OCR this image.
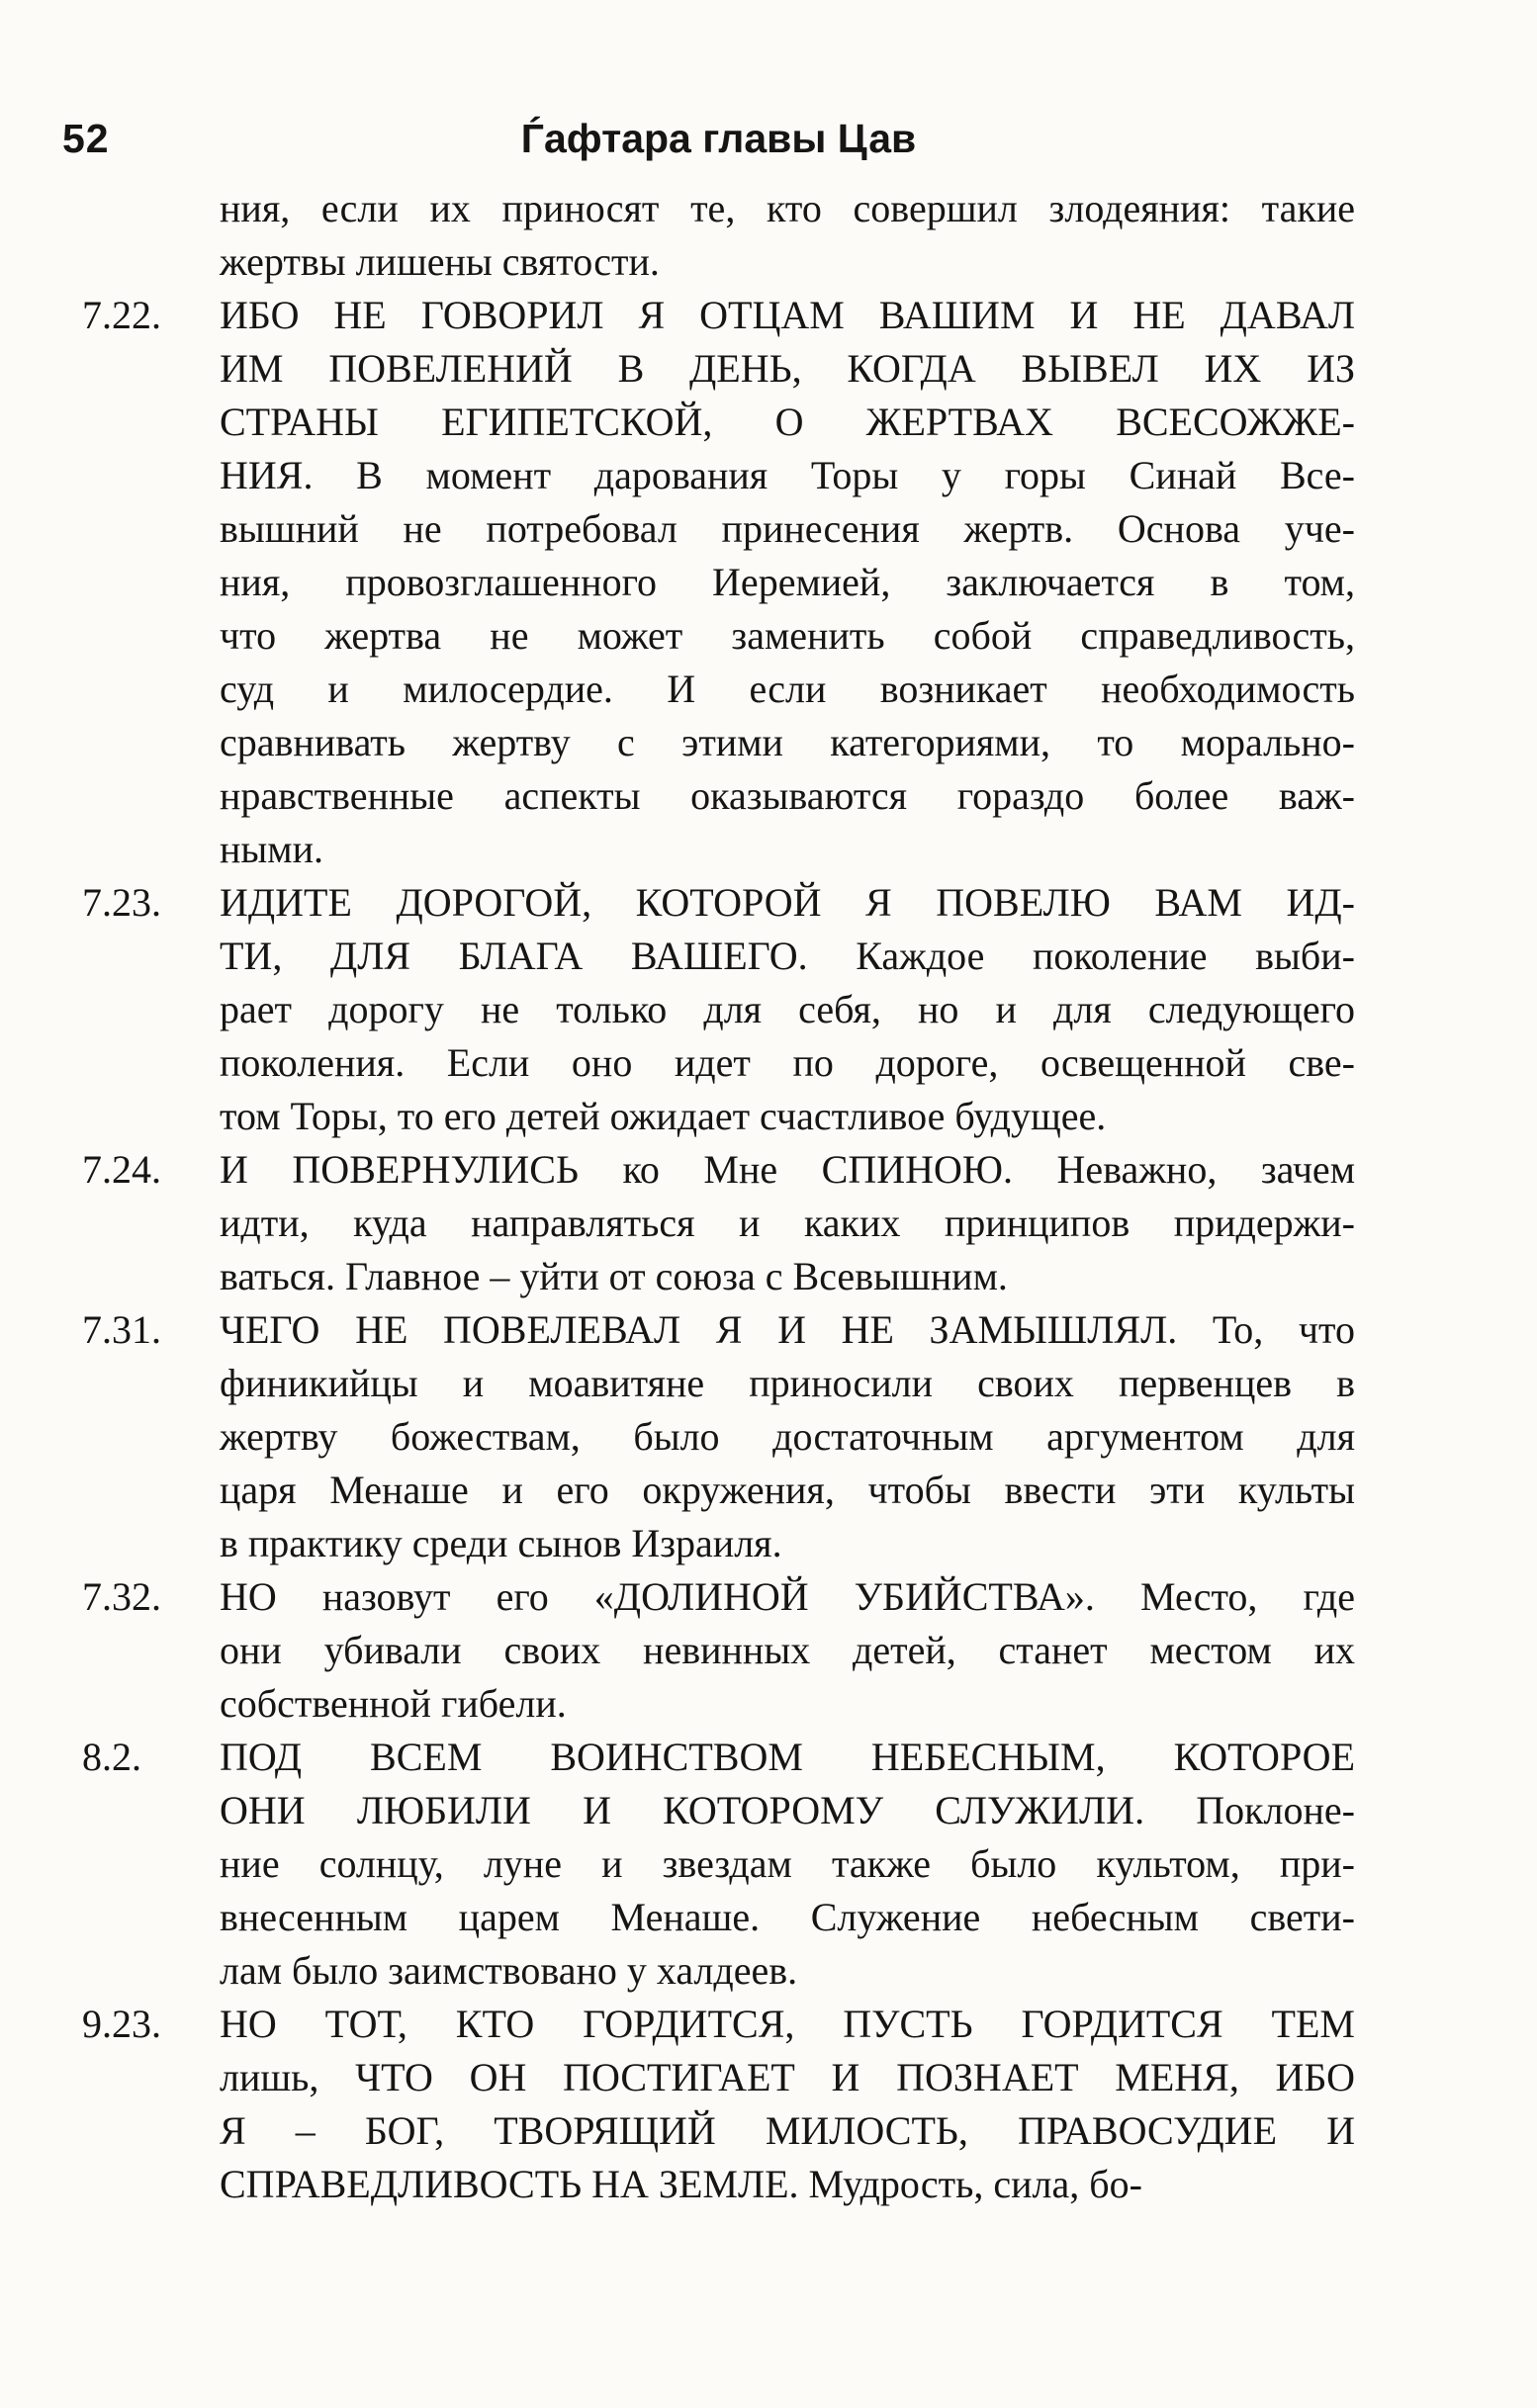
52	Ѓафтара главы Цав
ния, если их приносят те, кто совершил злодеяния: такие
жертвы лишены святости.
7.22.	ИБО НЕ ГОВОРИЛ Я ОТЦАМ ВАШИМ И НЕ ДАВАЛ
ИМ ПОВЕЛЕНИЙ В ДЕНЬ, КОГДА ВЫВЕЛ ИХ ИЗ
СТРАНЫ ЕГИПЕТСКОЙ, О ЖЕРТВАХ ВСЕСОЖЖЕ-
НИЯ. В момент дарования Торы у горы Синай Все-
вышний не потребовал принесения жертв. Основа уче-
ния, провозглашенного Иеремией, заключается в том,
что жертва не может заменить собой справедливость,
суд и милосердие. И если возникает необходимость
сравнивать жертву с этими категориями, то морально-
нравственные аспекты оказываются гораздо более важ-
ными.
7.23.	ИДИТЕ ДОРОГОЙ, КОТОРОЙ Я ПОВЕЛЮ ВАМ ИД-
ТИ, ДЛЯ БЛАГА ВАШЕГО. Каждое поколение выби-
рает дорогу не только для себя, но и для следующего
поколения. Если оно идет по дороге, освещенной све-
том Торы, то его детей ожидает счастливое будущее.
7.24.	И ПОВЕРНУЛИСЬ ко Мне СПИНОЮ. Неважно, зачем
идти, куда направляться и каких принципов придержи-
ваться. Главное – уйти от союза с Всевышним.
7.31.	ЧЕГО НЕ ПОВЕЛЕВАЛ Я И НЕ ЗАМЫШЛЯЛ. То, что
финикийцы и моавитяне приносили своих первенцев в
жертву божествам, было достаточным аргументом для
царя Менаше и его окружения, чтобы ввести эти культы
в практику среди сынов Израиля.
7.32.	НО назовут его «ДОЛИНОЙ УБИЙСТВА». Место, где
они убивали своих невинных детей, станет местом их
собственной гибели.
8.2.	ПОД ВСЕМ ВОИНСТВОМ НЕБЕСНЫМ, КОТОРОЕ
ОНИ ЛЮБИЛИ И КОТОРОМУ СЛУЖИЛИ. Поклоне-
ние солнцу, луне и звездам также было культом, при-
внесенным царем Менаше. Служение небесным свети-
лам было заимствовано у халдеев.
9.23.	НО ТОТ, КТО ГОРДИТСЯ, ПУСТЬ ГОРДИТСЯ ТЕМ
лишь, ЧТО ОН ПОСТИГАЕТ И ПОЗНАЕТ МЕНЯ, ИБО
Я – БОГ, ТВОРЯЩИЙ МИЛОСТЬ, ПРАВОСУДИЕ И
СПРАВЕДЛИВОСТЬ НА ЗЕМЛЕ. Мудрость, сила, бо-
